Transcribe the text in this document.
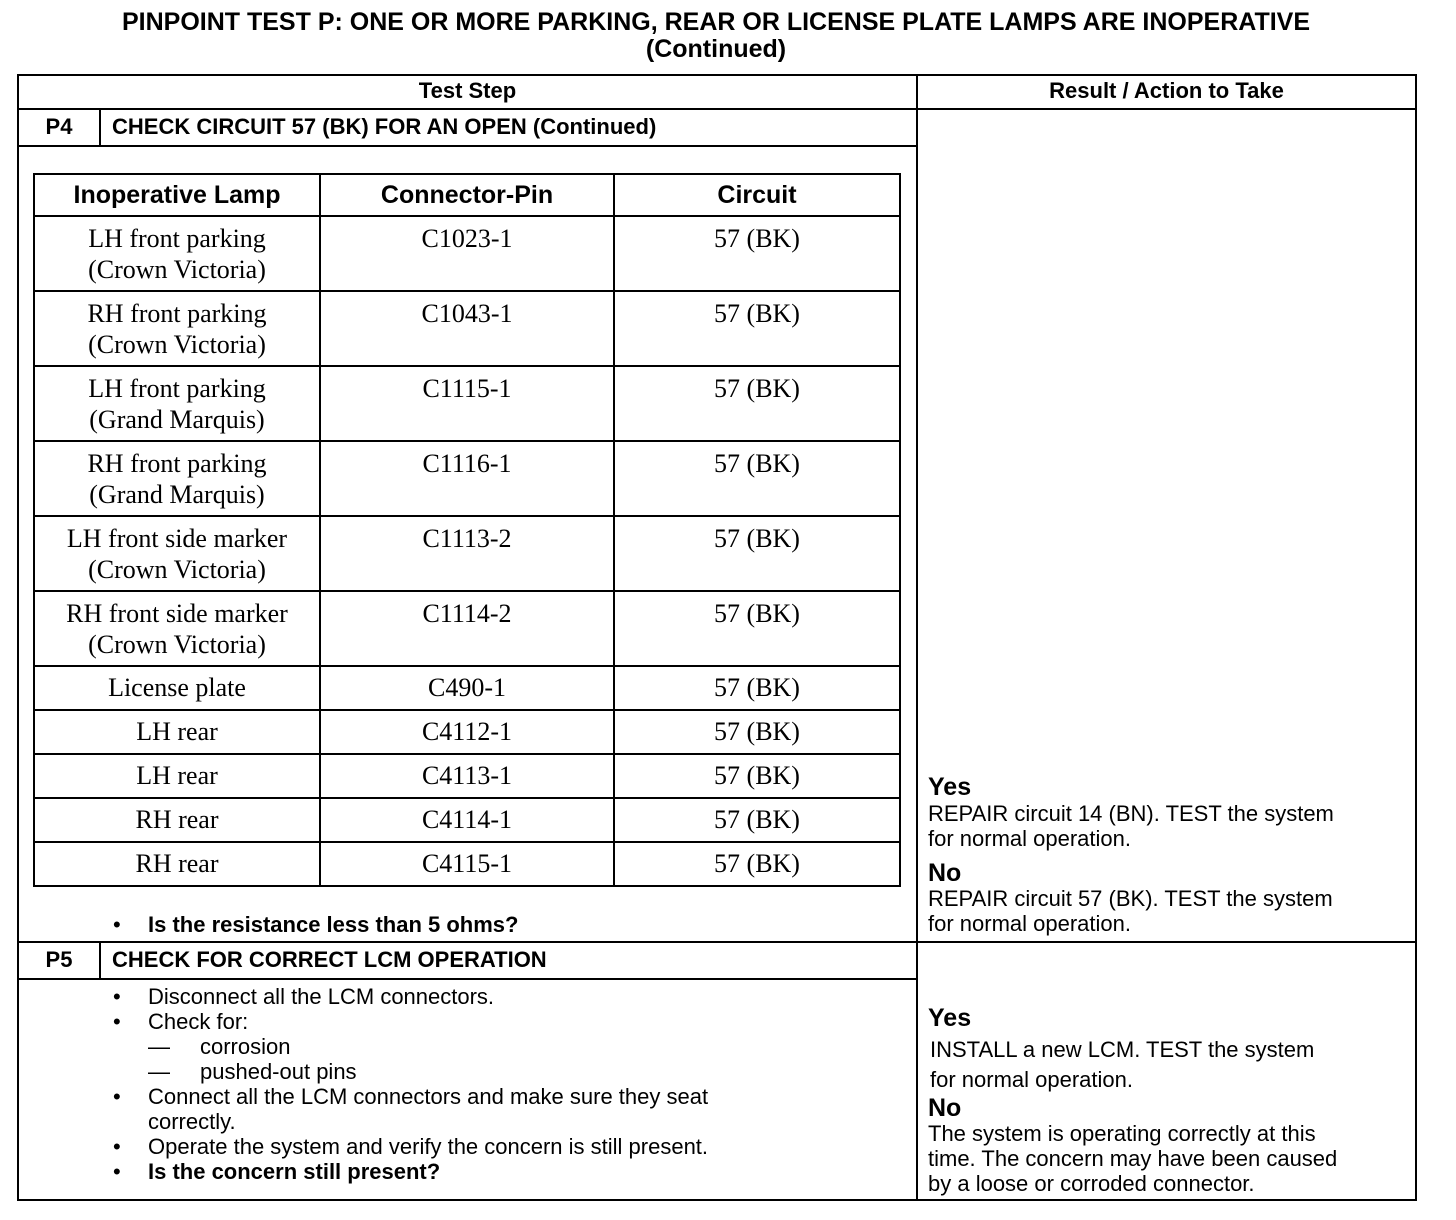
PINPOINT TEST P: ONE OR MORE PARKING, REAR OR LICENSE PLATE LAMPS ARE INOPERATIVE
(Continued)
Test Step	Result / Action to Take
P4	CHECK CIRCUIT 57 (BK) FOR AN OPEN (Continued)
Inoperative Lamp	Connector-Pin	Circuit

LH front parking
(Crown Victoria)	C1023-1	57 (BK)

RH front parking
(Crown Victoria)	C1043-1	57 (BK)

LH front parking
(Grand Marquis)	C1115-1	57 (BK)

RH front parking
(Grand Marquis)	C1116-1	57 (BK)

LH front side marker
(Crown Victoria)	C1113-2	57 (BK)

RH front side marker
(Crown Victoria)	C1114-2	57 (BK)
License plate	C490-1	57 (BK)
LH rear	C4112-1	57 (BK)
LH rear	C4113-1	57 (BK)
RH rear	C4114-1	57 (BK)
RH rear	C4115-1	57 (BK)
• Is the resistance less than 5 ohms?
Yes
REPAIR circuit 14 (BN). TEST the system
for normal operation.
No
REPAIR circuit 57 (BK). TEST the system
for normal operation.
P5	CHECK FOR CORRECT LCM OPERATION
• Disconnect all the LCM connectors.
• Check for:
— corrosion
— pushed-out pins
• Connect all the LCM connectors and make sure they seat
correctly.
• Operate the system and verify the concern is still present.
• Is the concern still present?
Yes
INSTALL a new LCM. TEST the system
for normal operation.
No
The system is operating correctly at this
time. The concern may have been caused
by a loose or corroded connector.
